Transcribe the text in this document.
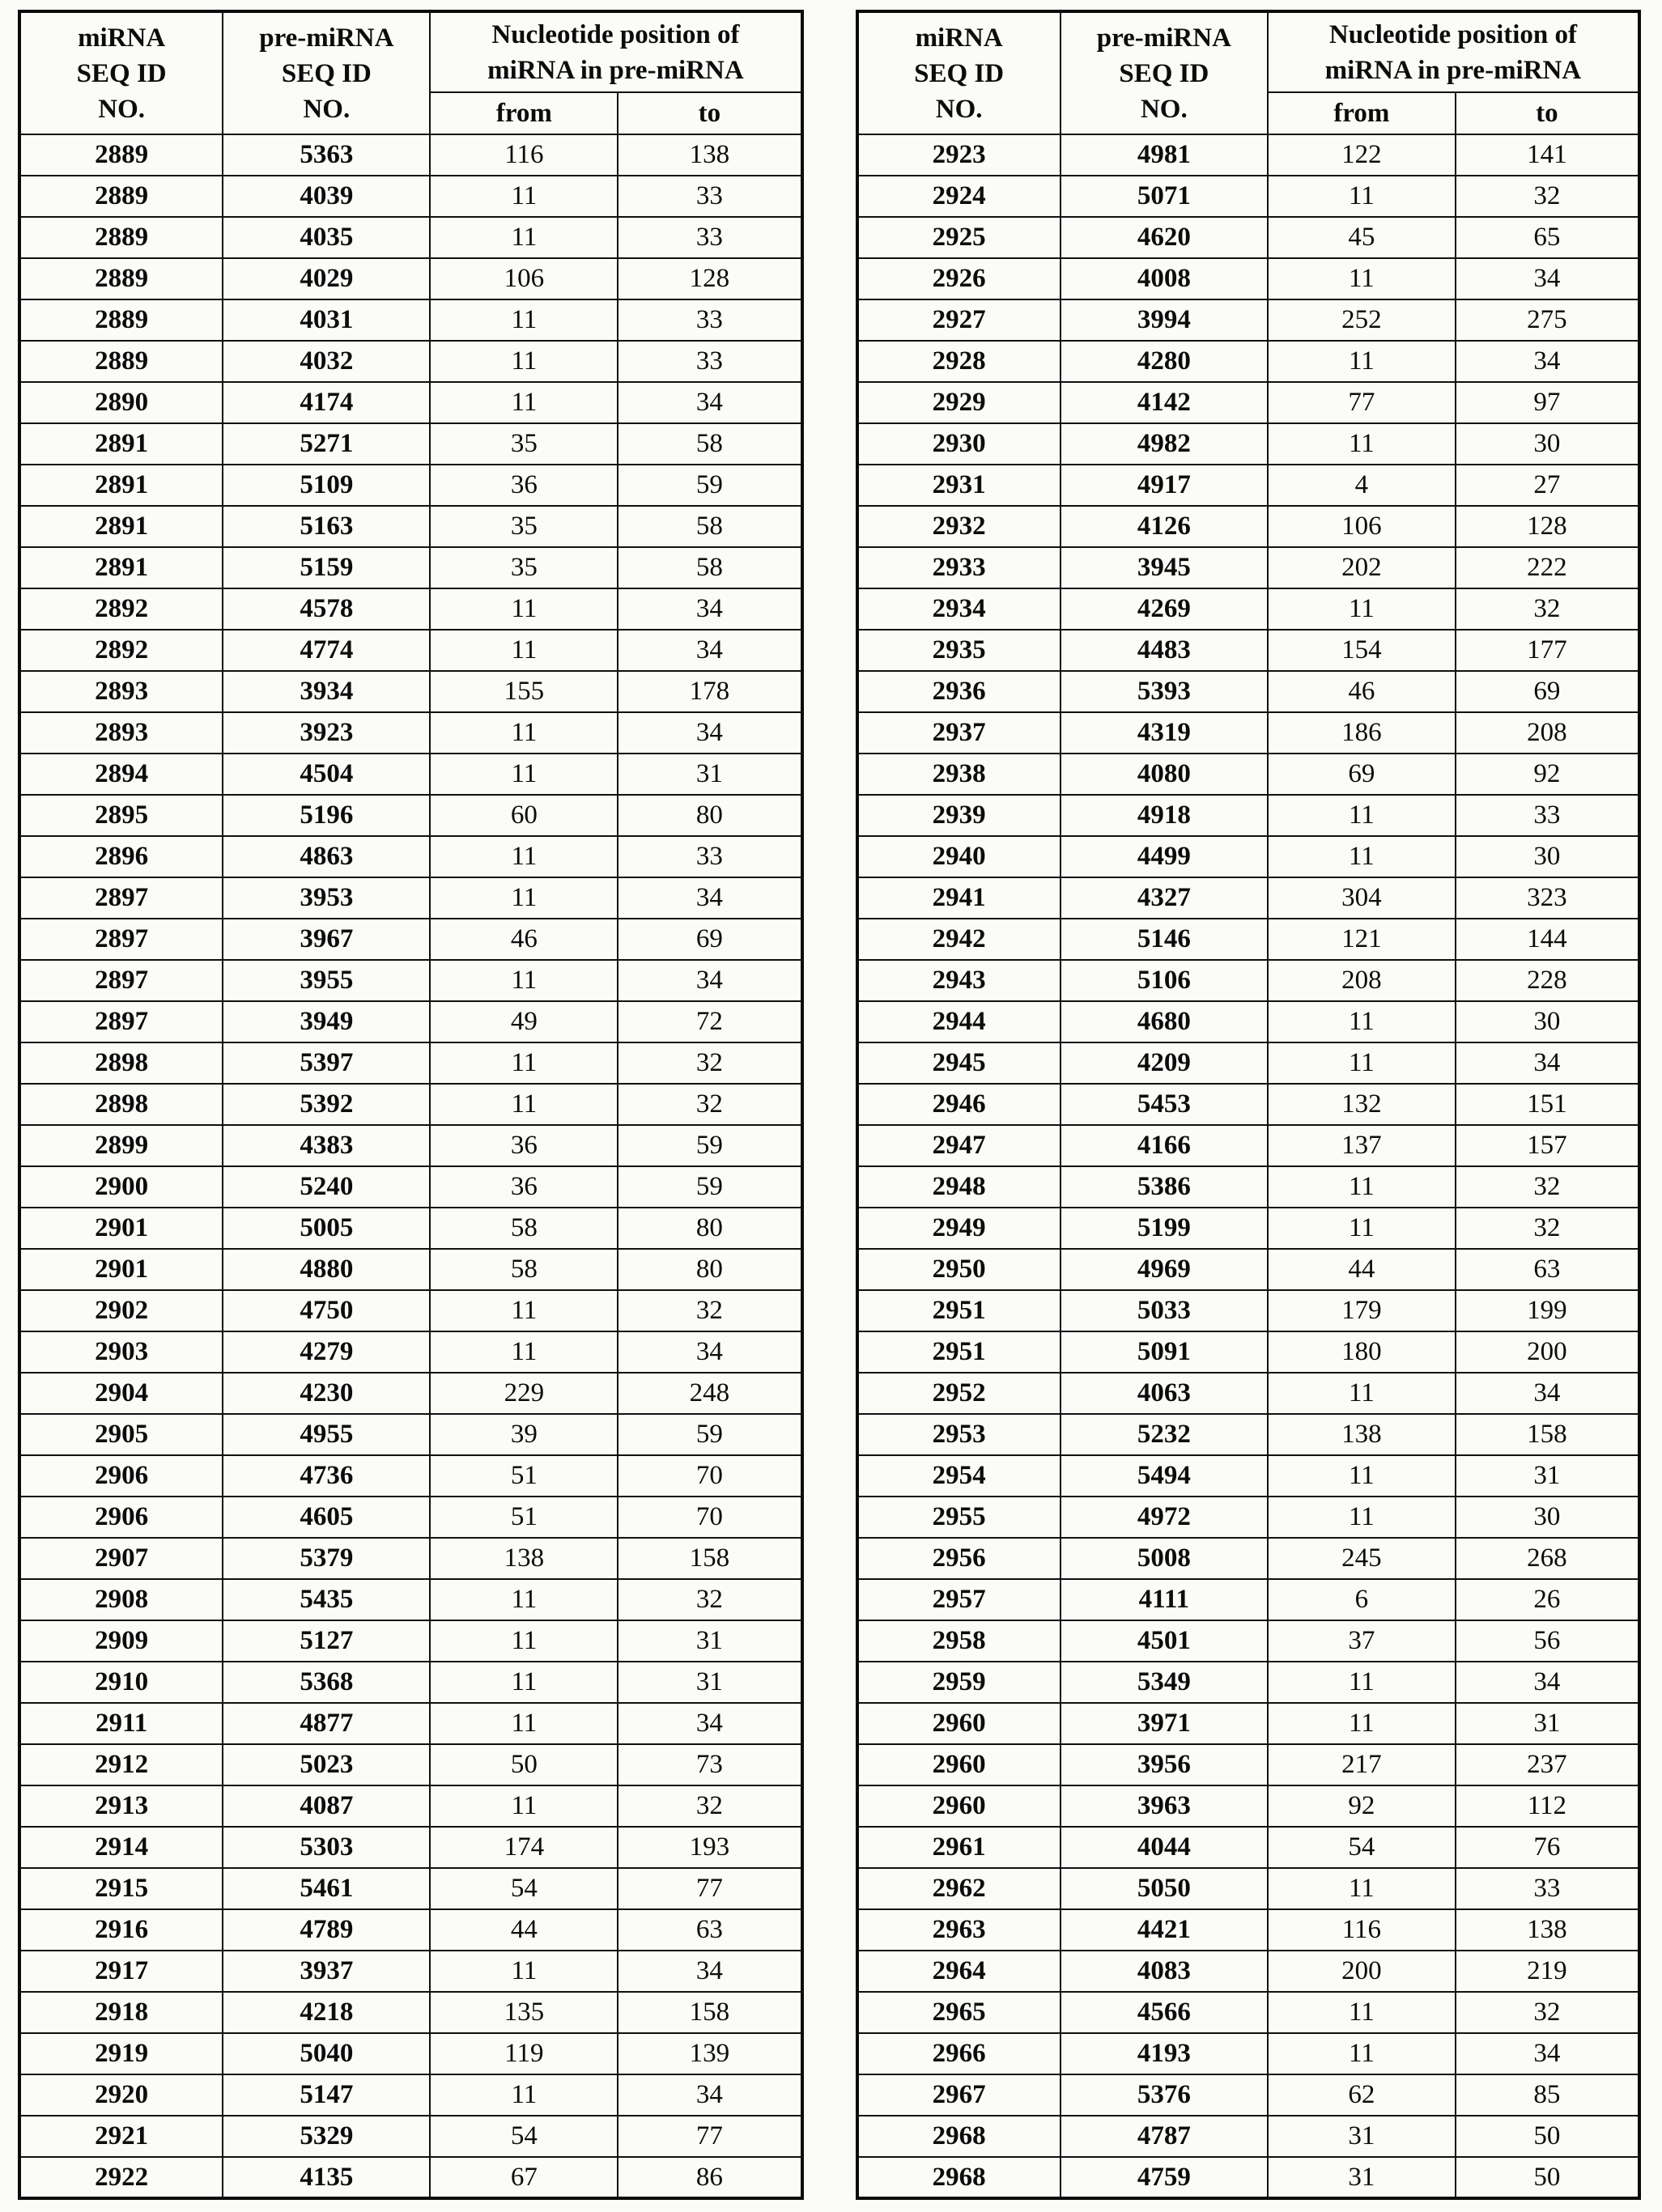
miRNA
SEQ ID
NO.

pre-miRNA
SEQ ID
NO.

Nucleotide position of
miRNA in pre-miRNA

		from	to
2889	5363	116	138
2889	4039	11	33
2889	4035	11	33
2889	4029	106	128
2889	4031	11	33
2889	4032	11	33
2890	4174	11	34
2891	5271	35	58
2891	5109	36	59
2891	5163	35	58
2891	5159	35	58
2892	4578	11	34
2892	4774	11	34
2893	3934	155	178
2893	3923	11	34
2894	4504	11	31
2895	5196	60	80
2896	4863	11	33
2897	3953	11	34
2897	3967	46	69
2897	3955	11	34
2897	3949	49	72
2898	5397	11	32
2898	5392	11	32
2899	4383	36	59
2900	5240	36	59
2901	5005	58	80
2901	4880	58	80
2902	4750	11	32
2903	4279	11	34
2904	4230	229	248
2905	4955	39	59
2906	4736	51	70
2906	4605	51	70
2907	5379	138	158
2908	5435	11	32
2909	5127	11	31
2910	5368	11	31
2911	4877	11	34
2912	5023	50	73
2913	4087	11	32
2914	5303	174	193
2915	5461	54	77
2916	4789	44	63
2917	3937	11	34
2918	4218	135	158
2919	5040	119	139
2920	5147	11	34
2921	5329	54	77
2922	4135	67	86
miRNA
SEQ ID
NO.

pre-miRNA
SEQ ID
NO.

Nucleotide position of
miRNA in pre-miRNA

		from	to
2923	4981	122	141
2924	5071	11	32
2925	4620	45	65
2926	4008	11	34
2927	3994	252	275
2928	4280	11	34
2929	4142	77	97
2930	4982	11	30
2931	4917	4	27
2932	4126	106	128
2933	3945	202	222
2934	4269	11	32
2935	4483	154	177
2936	5393	46	69
2937	4319	186	208
2938	4080	69	92
2939	4918	11	33
2940	4499	11	30
2941	4327	304	323
2942	5146	121	144
2943	5106	208	228
2944	4680	11	30
2945	4209	11	34
2946	5453	132	151
2947	4166	137	157
2948	5386	11	32
2949	5199	11	32
2950	4969	44	63
2951	5033	179	199
2951	5091	180	200
2952	4063	11	34
2953	5232	138	158
2954	5494	11	31
2955	4972	11	30
2956	5008	245	268
2957	4111	6	26
2958	4501	37	56
2959	5349	11	34
2960	3971	11	31
2960	3956	217	237
2960	3963	92	112
2961	4044	54	76
2962	5050	11	33
2963	4421	116	138
2964	4083	200	219
2965	4566	11	32
2966	4193	11	34
2967	5376	62	85
2968	4787	31	50
2968	4759	31	50
